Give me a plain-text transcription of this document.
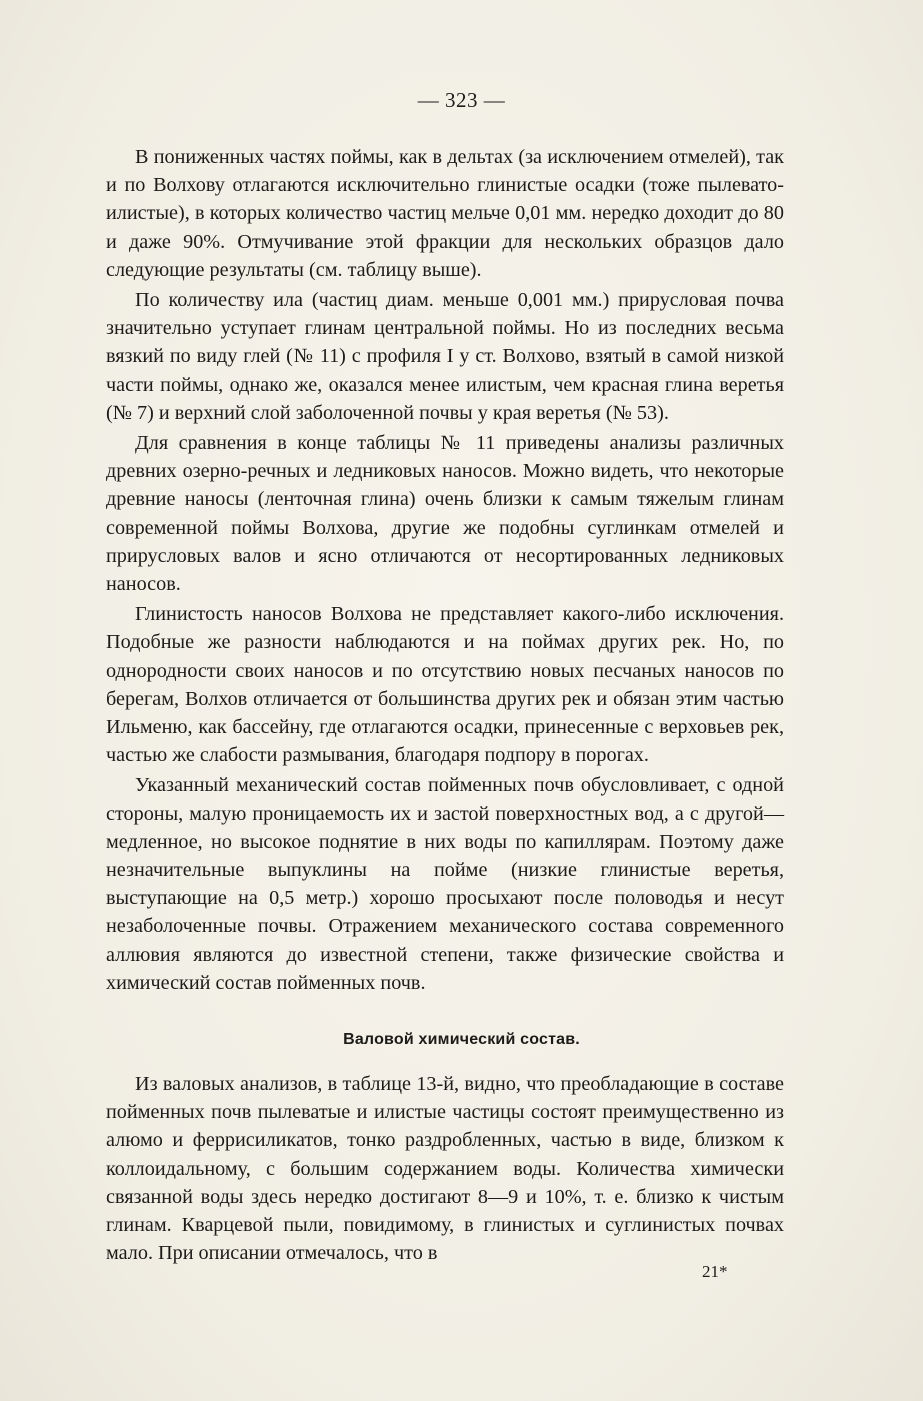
— 323 —

В пониженных частях поймы, как в дельтах (за исключением отмелей), так и по Волхову отлагаются исключительно глинистые осадки (тоже пылевато-илистые), в которых количество частиц мельче 0,01 мм. нередко доходит до 80 и даже 90%. Отмучивание этой фракции для нескольких образцов дало следующие результаты (см. таблицу выше).

По количеству ила (частиц диам. меньше 0,001 мм.) прирусловая почва значительно уступает глинам центральной поймы. Но из последних весьма вязкий по виду глей (№ 11) с профиля I у ст. Волхово, взятый в самой низкой части поймы, однако же, оказался менее илистым, чем красная глина веретья (№ 7) и верхний слой заболоченной почвы у края веретья (№ 53).

Для сравнения в конце таблицы № 11 приведены анализы различных древних озерно-речных и ледниковых наносов. Можно видеть, что некоторые древние наносы (ленточная глина) очень близки к самым тяжелым глинам современной поймы Волхова, другие же подобны суглинкам отмелей и прирусловых валов и ясно отличаются от несортированных ледниковых наносов.

Глинистость наносов Волхова не представляет какого-либо исключения. Подобные же разности наблюдаются и на поймах других рек. Но, по однородности своих наносов и по отсутствию новых песчаных наносов по берегам, Волхов отличается от большинства других рек и обязан этим частью Ильменю, как бассейну, где отлагаются осадки, принесенные с верховьев рек, частью же слабости размывания, благодаря подпору в порогах.

Указанный механический состав пойменных почв обусловливает, с одной стороны, малую проницаемость их и застой поверхностных вод, а с другой—медленное, но высокое поднятие в них воды по капиллярам. Поэтому даже незначительные выпуклины на пойме (низкие глинистые веретья, выступающие на 0,5 метр.) хорошо просыхают после половодья и несут незаболоченные почвы. Отражением механического состава современного аллювия являются до известной степени, также физические свойства и химический состав пойменных почв.

Валовой химический состав.

Из валовых анализов, в таблице 13-й, видно, что преобладающие в составе пойменных почв пылеватые и илистые частицы состоят преимущественно из алюмо и феррисиликатов, тонко раздробленных, частью в виде, близком к коллоидальному, с большим содержанием воды. Количества химически связанной воды здесь нередко достигают 8—9 и 10%, т. е. близко к чистым глинам. Кварцевой пыли, повидимому, в глинистых и суглинистых почвах мало. При описании отмечалось, что в

21*
